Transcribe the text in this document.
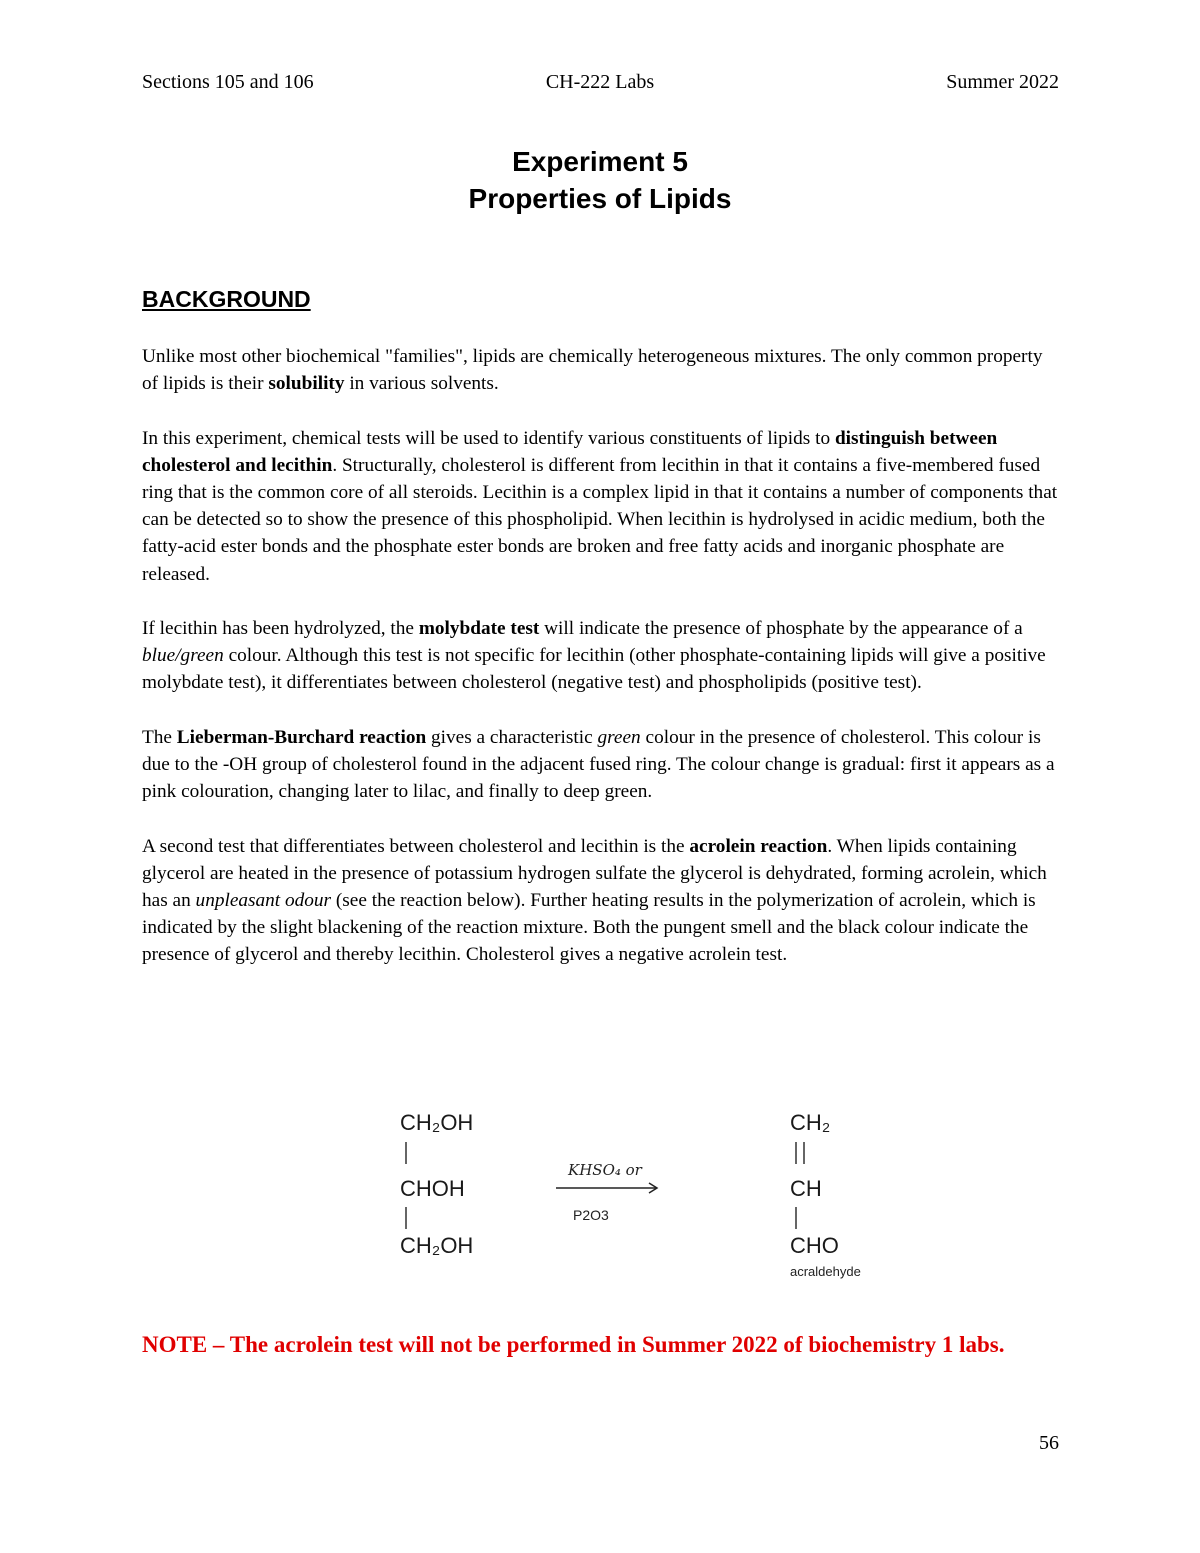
Sections 105 and 106	CH-222 Labs	Summer 2022
Experiment 5
Properties of Lipids
BACKGROUND

Unlike most other biochemical "families", lipids are chemically heterogeneous mixtures. The only common property of lipids is their solubility in various solvents.

In this experiment, chemical tests will be used to identify various constituents of lipids to distinguish between cholesterol and lecithin. Structurally, cholesterol is different from lecithin in that it contains a five-membered fused ring that is the common core of all steroids. Lecithin is a complex lipid in that it contains a number of components that can be detected so to show the presence of this phospholipid. When lecithin is hydrolysed in acidic medium, both the fatty-acid ester bonds and the phosphate ester bonds are broken and free fatty acids and inorganic phosphate are released.

If lecithin has been hydrolyzed, the molybdate test will indicate the presence of phosphate by the appearance of a blue/green colour. Although this test is not specific for lecithin (other phosphate-containing lipids will give a positive molybdate test), it differentiates between cholesterol (negative test) and phospholipids (positive test).

The Lieberman-Burchard reaction gives a characteristic green colour in the presence of cholesterol. This colour is due to the -OH group of cholesterol found in the adjacent fused ring. The colour change is gradual: first it appears as a pink colouration, changing later to lilac, and finally to deep green.

A second test that differentiates between cholesterol and lecithin is the acrolein reaction. When lipids containing glycerol are heated in the presence of potassium hydrogen sulfate the glycerol is dehydrated, forming acrolein, which has an unpleasant odour (see the reaction below). Further heating results in the polymerization of acrolein, which is indicated by the slight blackening of the reaction mixture. Both the pungent smell and the black colour indicate the presence of glycerol and thereby lecithin. Cholesterol gives a negative acrolein test.

CH₂OH
CHOH
CH₂OH
KHSO₄ or
P2O3
CH₂
CH
CHO
acraldehyde
NOTE – The acrolein test will not be performed in Summer 2022 of biochemistry 1 labs.
56
